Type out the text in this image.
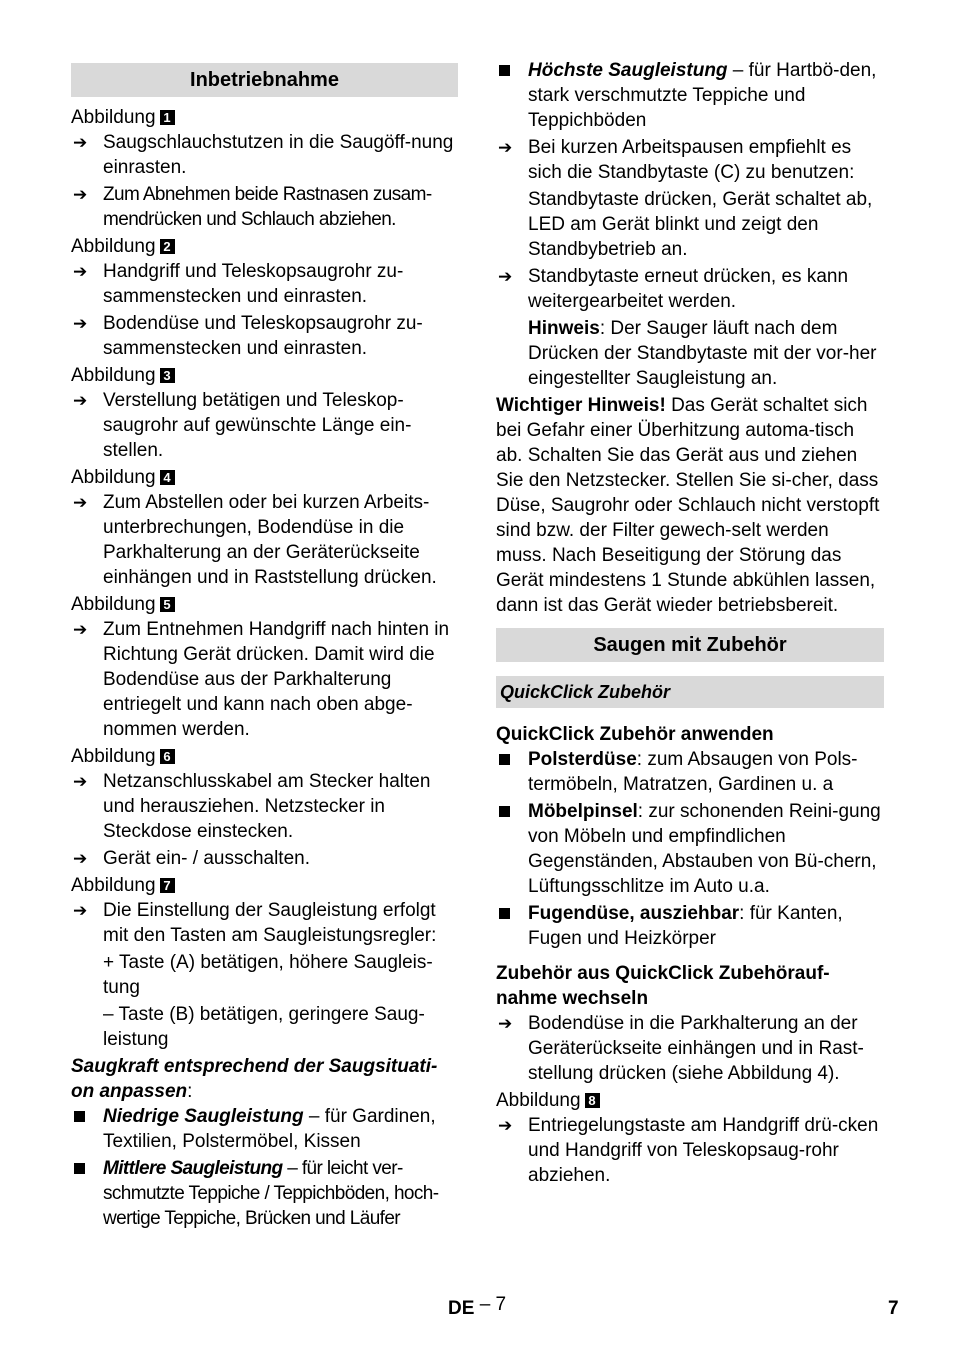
Inbetriebnahme
Abbildung 1
➔ Saugschlauchstutzen in die Saugöff-nung einrasten.
➔ Zum Abnehmen beide Rastnasen zusam-mendrücken und Schlauch abziehen.
Abbildung 2
➔ Handgriff und Teleskopsaugrohr zu-sammenstecken und einrasten.
➔ Bodendüse und Teleskopsaugrohr zu-sammenstecken und einrasten.
Abbildung 3
➔ Verstellung betätigen und Teleskop-saugrohr auf gewünschte Länge ein-stellen.
Abbildung 4
➔ Zum Abstellen oder bei kurzen Arbeits-unterbrechungen, Bodendüse in die Parkhalterung an der Geräterückseite einhängen und in Raststellung drücken.
Abbildung 5
➔ Zum Entnehmen Handgriff nach hinten in Richtung Gerät drücken. Damit wird die Bodendüse aus der Parkhalterung entriegelt und kann nach oben abge-nommen werden.
Abbildung 6
➔ Netzanschlusskabel am Stecker halten und herausziehen. Netzstecker in Steckdose einstecken.
➔ Gerät ein- / ausschalten.
Abbildung 7
➔ Die Einstellung der Saugleistung erfolgt mit den Tasten am Saugleistungsregler:
+ Taste (A) betätigen, höhere Saugleis-tung
– Taste (B) betätigen, geringere Saug-leistung
Saugkraft entsprechend der Saugsituati-on anpassen:
Niedrige Saugleistung – für Gardinen, Textilien, Polstermöbel, Kissen
Mittlere Saugleistung – für leicht ver-schmutzte Teppiche / Teppichböden, hoch-wertige Teppiche, Brücken und Läufer
Höchste Saugleistung – für Hartbö-den, stark verschmutzte Teppiche und Teppichböden
➔ Bei kurzen Arbeitspausen empfiehlt es sich die Standbytaste (C) zu benutzen:
Standbytaste drücken, Gerät schaltet ab, LED am Gerät blinkt und zeigt den Standbybetrieb an.
➔ Standbytaste erneut drücken, es kann weitergearbeitet werden.
Hinweis: Der Sauger läuft nach dem Drücken der Standbytaste mit der vor-her eingestellter Saugleistung an.
Wichtiger Hinweis! Das Gerät schaltet sich bei Gefahr einer Überhitzung automa-tisch ab. Schalten Sie das Gerät aus und ziehen Sie den Netzstecker. Stellen Sie si-cher, dass Düse, Saugrohr oder Schlauch nicht verstopft sind bzw. der Filter gewech-selt werden muss. Nach Beseitigung der Störung das Gerät mindestens 1 Stunde abkühlen lassen, dann ist das Gerät wieder betriebsbereit.
Saugen mit Zubehör
QuickClick Zubehör
QuickClick Zubehör anwenden
Polsterdüse: zum Absaugen von Pols-termöbeln, Matratzen, Gardinen u. a
Möbelpinsel: zur schonenden Reini-gung von Möbeln und empfindlichen Gegenständen, Abstauben von Bü-chern, Lüftungsschlitze im Auto u.a.
Fugendüse, ausziehbar: für Kanten, Fugen und Heizkörper
Zubehör aus QuickClick Zubehörauf-nahme wechseln
➔ Bodendüse in die Parkhalterung an der Geräterückseite einhängen und in Rast-stellung drücken (siehe Abbildung 4).
Abbildung 8
➔ Entriegelungstaste am Handgriff drü-cken und Handgriff von Teleskopsaug-rohr abziehen.
DE – 7	7
